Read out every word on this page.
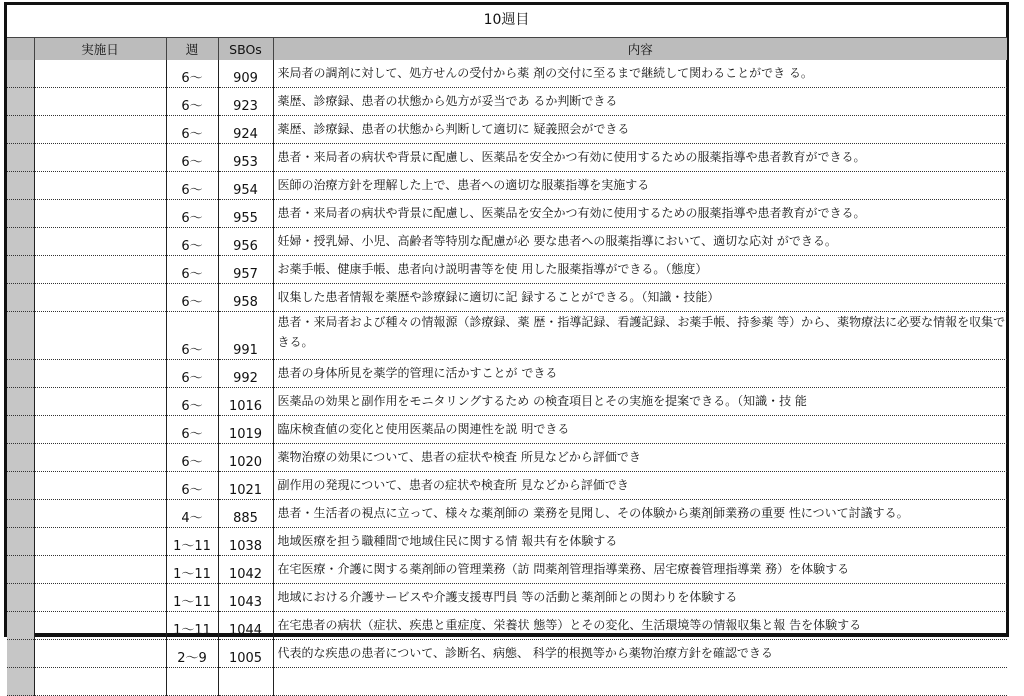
10週目
	実施日	週	SBOs	内容
		6〜	909	来局者の調剤に対して、処方せんの受付から薬 剤の交付に至るまで継続して関わることができ る。
		6〜	923	薬歴、診療録、患者の状態から処方が妥当であ るか判断できる
		6〜	924	薬歴、診療録、患者の状態から判断して適切に 疑義照会ができる
		6〜	953	患者・来局者の病状や背景に配慮し、医薬品を安全かつ有効に使用するための服薬指導や患者教育ができる。
		6〜	954	医師の治療方針を理解した上で、患者への適切な服薬指導を実施する
		6〜	955	患者・来局者の病状や背景に配慮し、医薬品を安全かつ有効に使用するための服薬指導や患者教育ができる。
		6〜	956	妊婦・授乳婦、小児、高齢者等特別な配慮が必 要な患者への服薬指導において、適切な応対 ができる。
		6〜	957	お薬手帳、健康手帳、患者向け説明書等を使 用した服薬指導ができる。（態度）
		6〜	958	収集した患者情報を薬歴や診療録に適切に記 録することができる。（知識・技能）
		6〜	991	患者・来局者および種々の情報源（診療録、薬 歴・指導記録、看護記録、お薬手帳、持参薬 等）から、薬物療法に必要な情報を収集できる。
		6〜	992	患者の身体所見を薬学的管理に活かすことが できる
		6〜	1016	医薬品の効果と副作用をモニタリングするため の検査項目とその実施を提案できる。（知識・技 能
		6〜	1019	臨床検査値の変化と使用医薬品の関連性を説 明できる
		6〜	1020	薬物治療の効果について、患者の症状や検査 所見などから評価でき
		6〜	1021	副作用の発現について、患者の症状や検査所 見などから評価でき
		4〜	885	患者・生活者の視点に立って、様々な薬剤師の 業務を見聞し、その体験から薬剤師業務の重要 性について討議する。
		1〜11	1038	地域医療を担う職種間で地域住民に関する情 報共有を体験する
		1〜11	1042	在宅医療・介護に関する薬剤師の管理業務（訪 問薬剤管理指導業務、居宅療養管理指導業 務）を体験する
		1〜11	1043	地域における介護サービスや介護支援専門員 等の活動と薬剤師との関わりを体験する
		1〜11	1044	在宅患者の病状（症状、疾患と重症度、栄養状 態等）とその変化、生活環境等の情報収集と報 告を体験する
		2〜9	1005	代表的な疾患の患者について、診断名、病態、 科学的根拠等から薬物治療方針を確認できる
